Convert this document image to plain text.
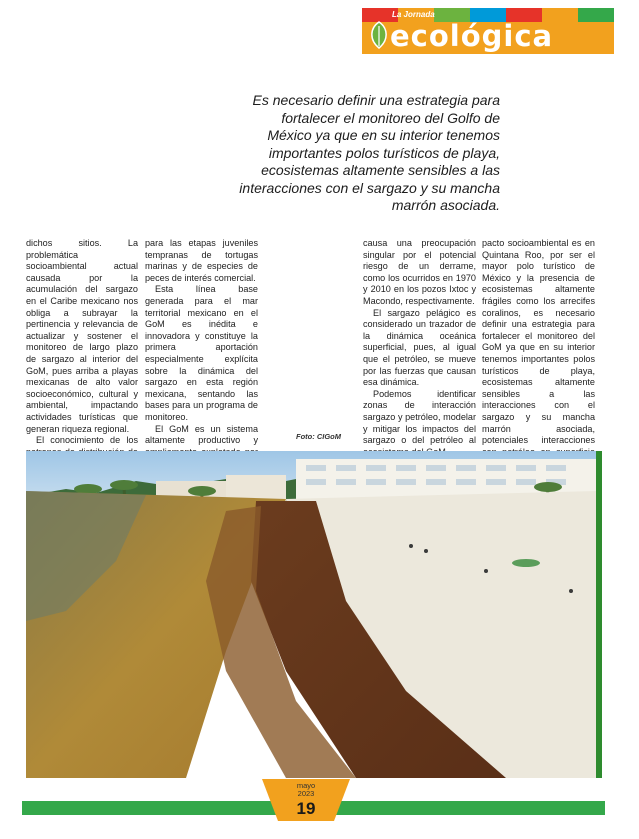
La Jornada
ecológica

Es necesario definir una estrategia para fortalecer el monitoreo del Golfo de México ya que en su interior tenemos importantes polos turísticos de playa, ecosistemas altamente sensibles a las interacciones con el sargazo y su mancha marrón asociada.

dichos sitios. La problemática socioambiental actual causada por la acumulación del sargazo en el Caribe mexicano nos obliga a subrayar la pertinencia y relevancia de actualizar y sostener el monitoreo de largo plazo de sargazo al interior del GoM, pues arriba a playas mexicanas de alto valor socioeconómico, cultural y ambiental, impactando actividades turísticas que generan riqueza regional.

El conocimiento de los

para las etapas juveniles tempranas de tortugas marinas y de especies de peces de interés comercial.

Esta línea base generada para el mar territorial mexicano en el GoM es inédita e innovadora y constituye la primera aportación especialmente explícita sobre la dinámica del sargazo en esta región mexicana, sentando las bases para un programa de monitoreo.

El GoM es un sistema altamente productivo y

causa una preocupación singular por el potencial riesgo de un derrame, como los ocurridos en 1970 y 2010 en los pozos Ixtoc y Macondo, respectivamente.

El sargazo pelágico es considerado un trazador de la dinámica oceánica superficial, pues, al igual que el petróleo, se mueve por las fuerzas que causan esa dinámica.

Podemos identificar zonas de interacción sargazo y petróleo, modelar y mitigar los impactos del sargazo o del petróleo al

pacto socioambiental es en Quintana Roo, por ser el mayor polo turístico de México y la presencia de ecosistemas altamente frágiles como los arrecifes coralinos, es necesario definir una estrategia para fortalecer el monitoreo del GoM ya que en su interior tenemos importantes polos turísticos de playa, ecosistemas altamente sensibles a las interacciones con el sargazo y su mancha marrón asociada, potenciales interacciones

Foto: CIGoM
mayo
2023
19
